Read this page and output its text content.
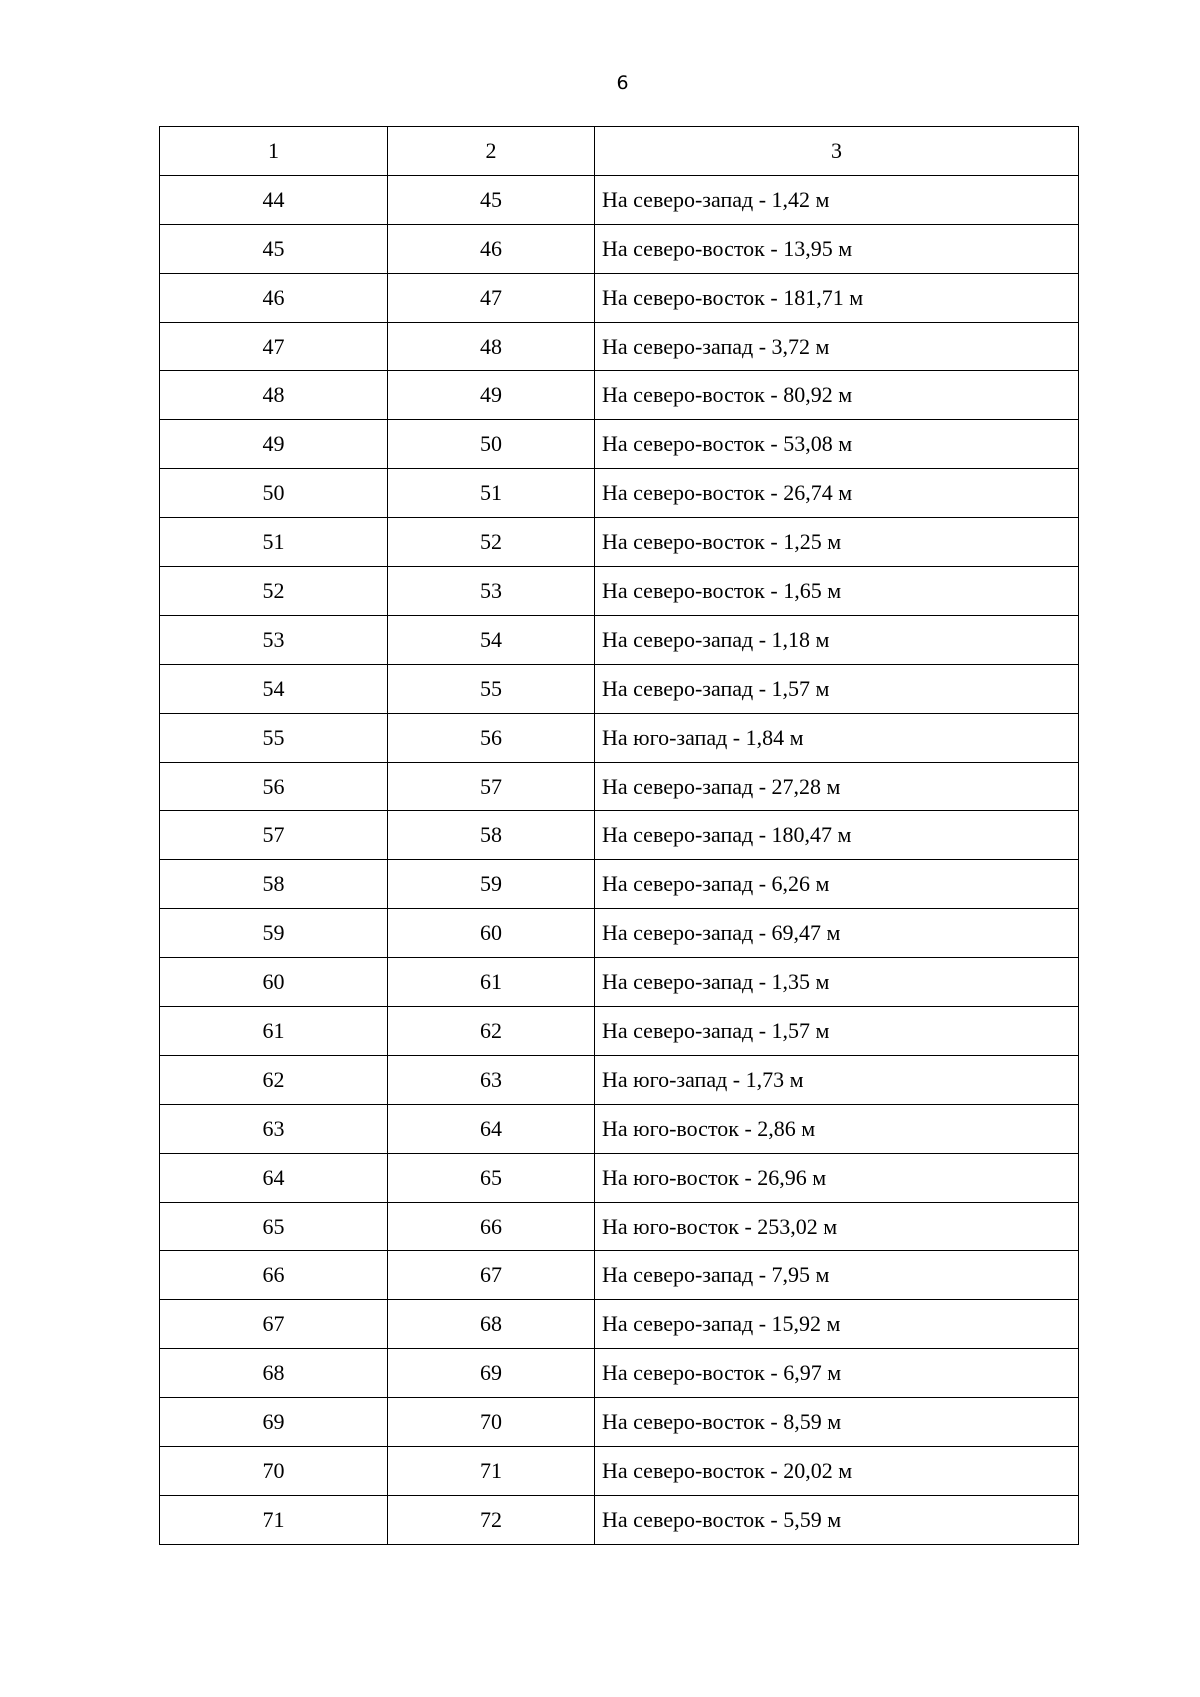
6
1	2	3
44	45	На северо-запад - 1,42 м
45	46	На северо-восток - 13,95 м
46	47	На северо-восток - 181,71 м
47	48	На северо-запад - 3,72 м
48	49	На северо-восток - 80,92 м
49	50	На северо-восток - 53,08 м
50	51	На северо-восток - 26,74 м
51	52	На северо-восток - 1,25 м
52	53	На северо-восток - 1,65 м
53	54	На северо-запад - 1,18 м
54	55	На северо-запад - 1,57 м
55	56	На юго-запад - 1,84 м
56	57	На северо-запад - 27,28 м
57	58	На северо-запад - 180,47 м
58	59	На северо-запад - 6,26 м
59	60	На северо-запад - 69,47 м
60	61	На северо-запад - 1,35 м
61	62	На северо-запад - 1,57 м
62	63	На юго-запад - 1,73 м
63	64	На юго-восток - 2,86 м
64	65	На юго-восток - 26,96 м
65	66	На юго-восток - 253,02 м
66	67	На северо-запад - 7,95 м
67	68	На северо-запад - 15,92 м
68	69	На северо-восток - 6,97 м
69	70	На северо-восток - 8,59 м
70	71	На северо-восток - 20,02 м
71	72	На северо-восток - 5,59 м
